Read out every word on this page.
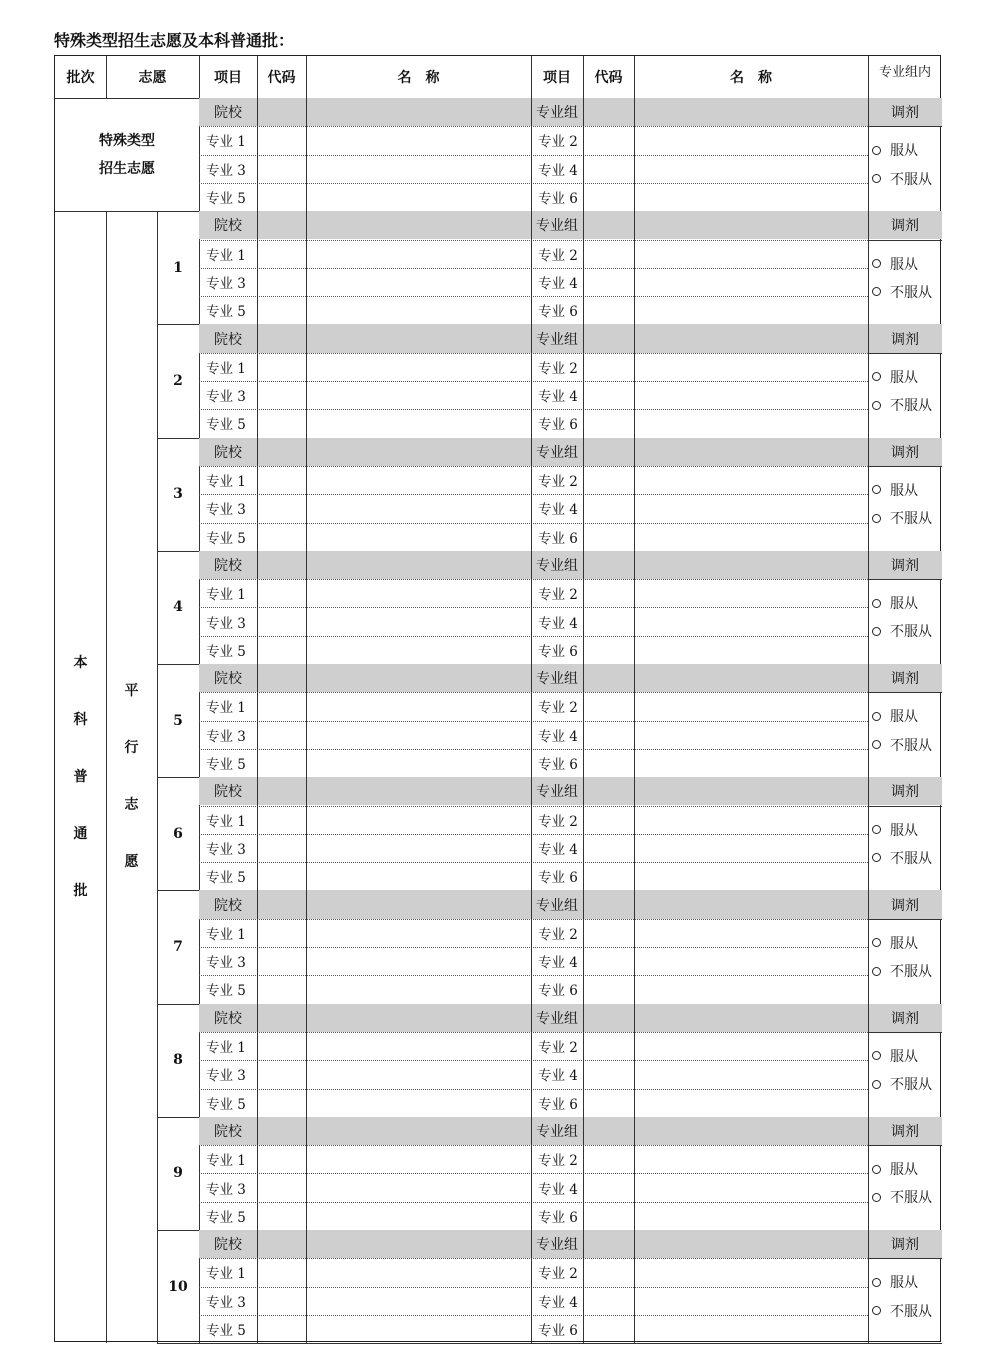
特殊类型招生志愿及本科普通批：
批次	志愿	项目	代码	名　称	项目	代码	名　称	专业组内
特殊类型
招生志愿
院校	专业组	调剂
专业 1	专业 2
专业 3	专业 4
专业 5	专业 6
服从
不服从
本
科
普
通
批
平
行
志
愿
1
院校	专业组	调剂
专业 1	专业 2
专业 3	专业 4
专业 5	专业 6
服从
不服从
2
院校	专业组	调剂
专业 1	专业 2
专业 3	专业 4
专业 5	专业 6
服从
不服从
3
院校	专业组	调剂
专业 1	专业 2
专业 3	专业 4
专业 5	专业 6
服从
不服从
4
院校	专业组	调剂
专业 1	专业 2
专业 3	专业 4
专业 5	专业 6
服从
不服从
5
院校	专业组	调剂
专业 1	专业 2
专业 3	专业 4
专业 5	专业 6
服从
不服从
6
院校	专业组	调剂
专业 1	专业 2
专业 3	专业 4
专业 5	专业 6
服从
不服从
7
院校	专业组	调剂
专业 1	专业 2
专业 3	专业 4
专业 5	专业 6
服从
不服从
8
院校	专业组	调剂
专业 1	专业 2
专业 3	专业 4
专业 5	专业 6
服从
不服从
9
院校	专业组	调剂
专业 1	专业 2
专业 3	专业 4
专业 5	专业 6
服从
不服从
10
院校	专业组	调剂
专业 1	专业 2
专业 3	专业 4
专业 5	专业 6
服从
不服从
